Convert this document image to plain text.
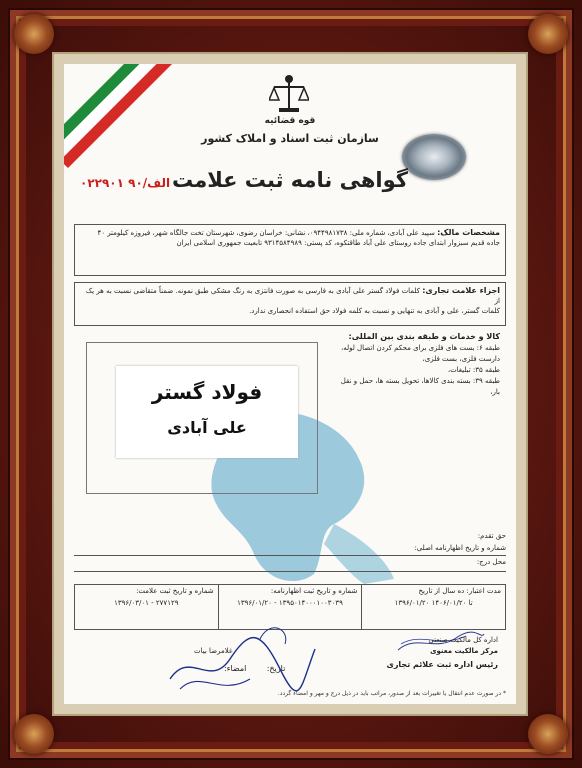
قوه قضائیه
سازمان ثبت اسناد و املاک کشور
گواهی نامه ثبت علامت
الف/۹۰ ۰۲۲۹۰۱
مشخصات مالک: سپید علی آبادی، شماره ملی: ۰۹۴۴۹۸۱۷۳۸، نشانی: خراسان رضوی، شهرستان تخت جالگاه شهر، فیروزه کیلومتر ۴۰
جاده قدیم سبزوار ابتدای جاده روستای علی آباد طاقتکوه، کد پستی: ۹۳۱۴۵۸۴۹۸۹ تابعیت جمهوری اسلامی ایران
اجزاء علامت تجاری: کلمات فولاد گستر علی آبادی به فارسی به صورت فانتزی به رنگ مشکی طبق نمونه. ضمناً متقاضی نسبت به هر یک از
کلمات گستر، علی و آبادی به تنهایی و نسبت به کلمه فولاد حق استفاده انحصاری ندارد.

کالا و خدمات و طبقه بندی بین المللی:

طبقه ۶: بست های فلزی برای محکم کردن اتصال لوله،

دارست فلزی، بست فلزی،

طبقه ۳۵: تبلیغات،

طبقه ۳۹: بسته بندی کالاها، تحویل بسته ها، حمل و نقل

بار،

فولاد گستر
علی آبادی
حق تقدم:
شماره و تاریخ اظهارنامه اصلی:
محل درج:
مدت اعتبار: ده سال از تاریخ
۱۳۹۶/۰۱/۲۰ تا ۱۴۰۶/۰۱/۲۰
شماره و تاریخ ثبت اظهارنامه:
۱۳۹۶/۰۱/۲۰ - ۱۳۹۵۰۱۴۰۰۰۱۰۰۳۰۳۹
شماره و تاریخ ثبت علامت:
۱۳۹۶/۰۳/۰۱ - ۲۷۷۱۲۹
اداره کل مالکیت صنعتی
مرکز مالکیت معنوی
رئیس اداره ثبت علائم تجاری
غلامرضا بیات
تاریخ:        امضاء:
* در صورت عدم انتقال یا تغییرات بعد از صدور، مراتب باید در ذیل درج و مهر و امضاء گردد.
